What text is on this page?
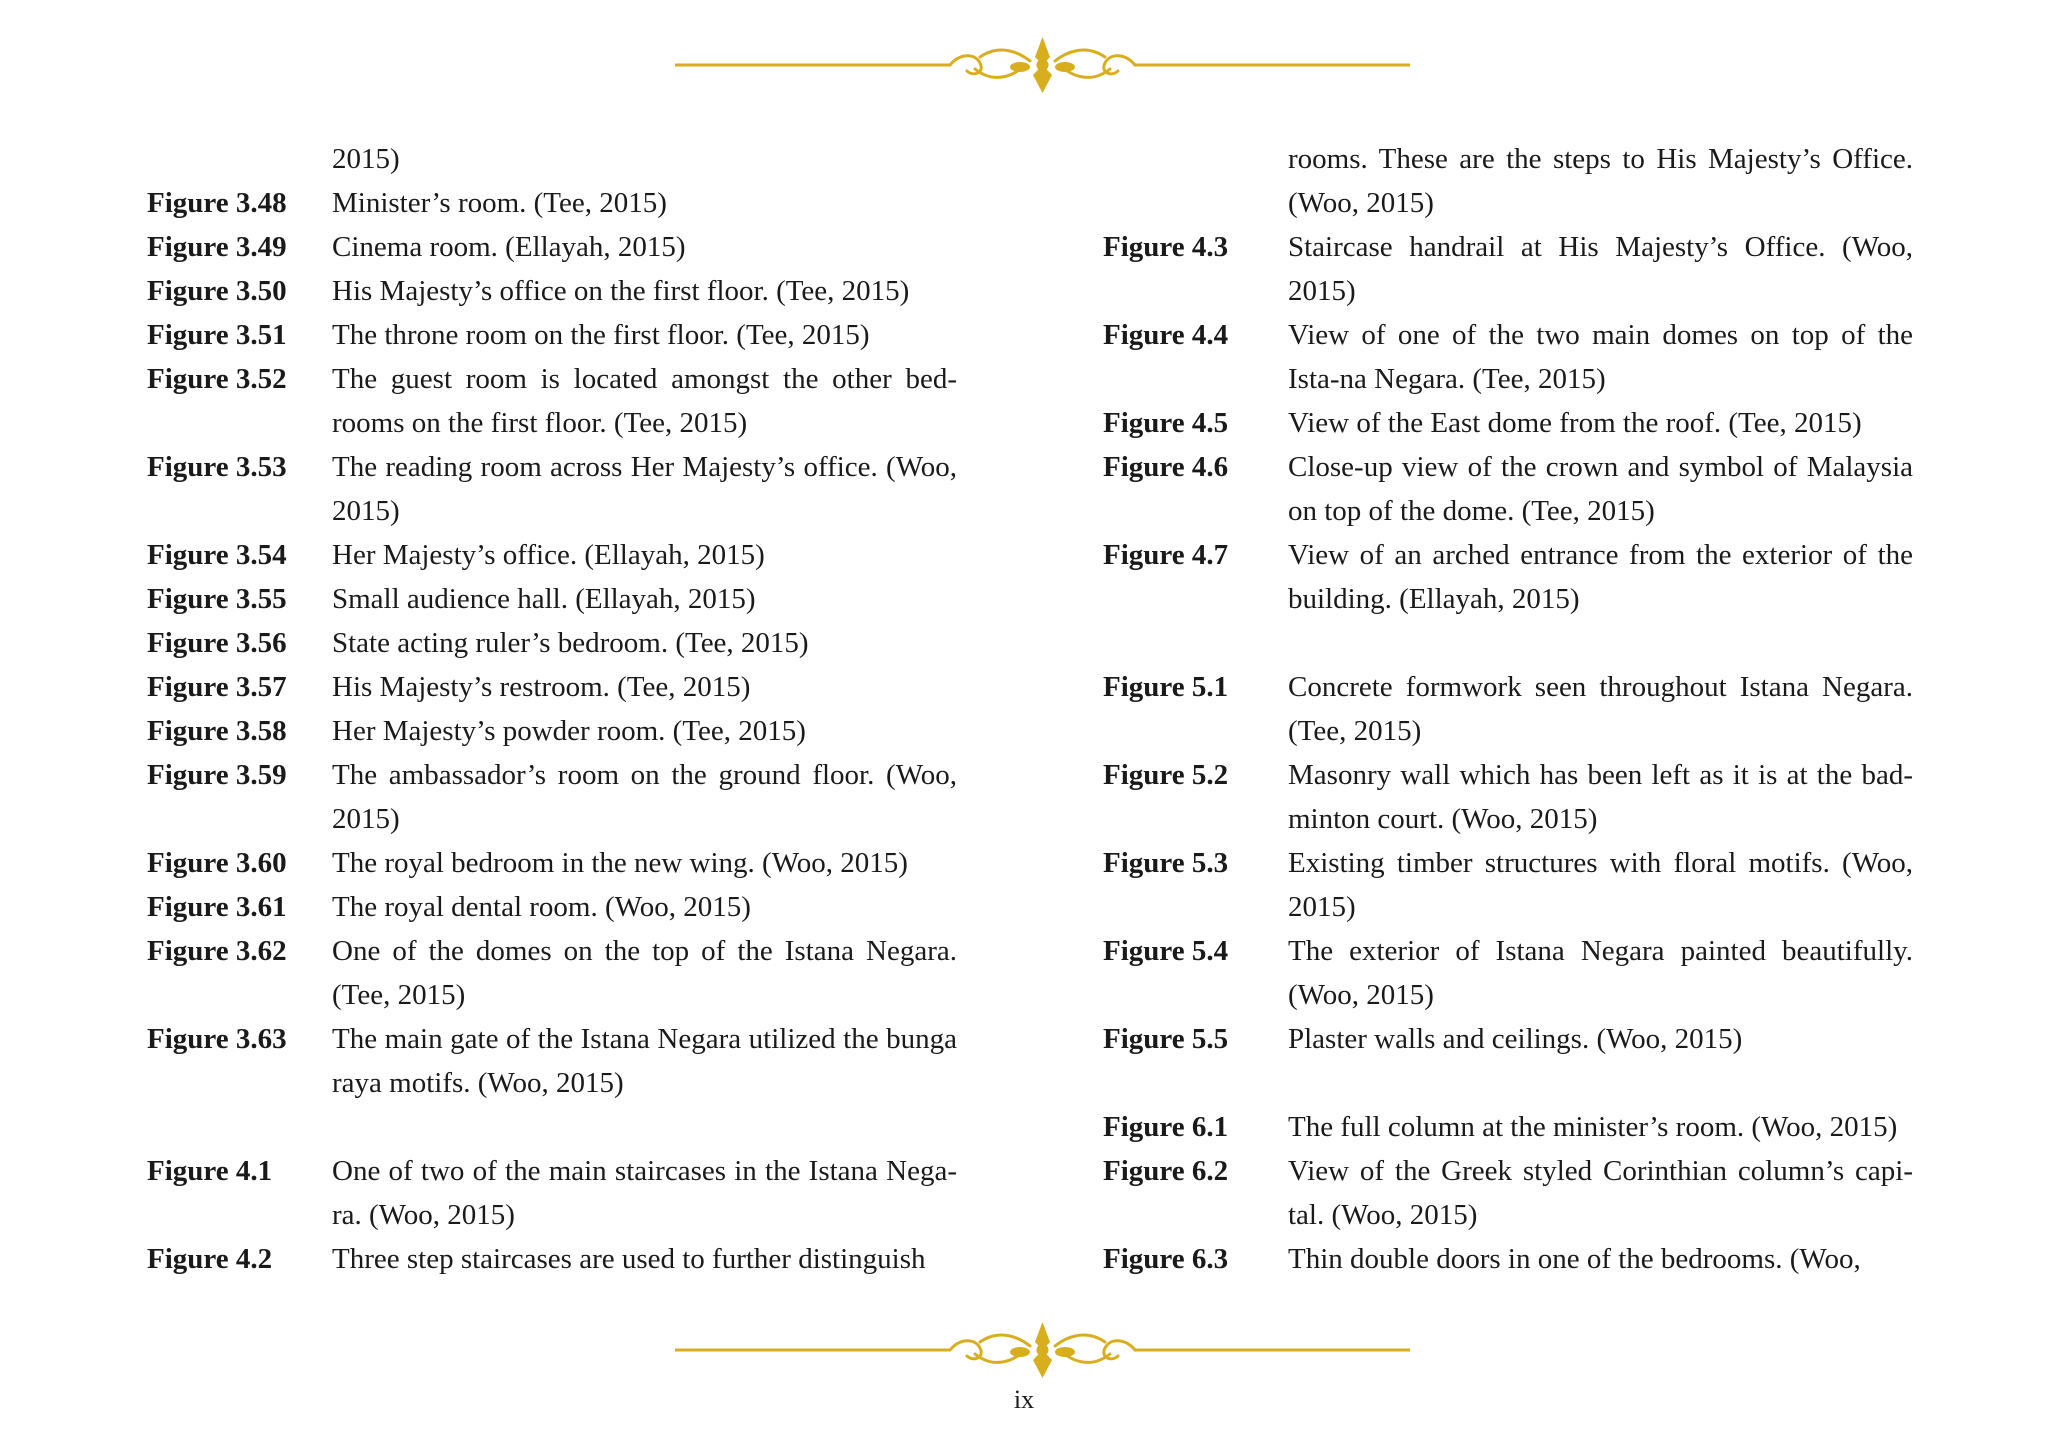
2015)
Figure 3.48	Minister’s room. (Tee, 2015)
Figure 3.49	Cinema room. (Ellayah, 2015)
Figure 3.50	His Majesty’s office on the first floor. (Tee, 2015)
Figure 3.51	The throne room on the first floor. (Tee, 2015)
Figure 3.52	The guest room is located amongst the other bed-rooms on the first floor. (Tee, 2015)
Figure 3.53	The reading room across Her Majesty’s office. (Woo, 2015)
Figure 3.54	Her Majesty’s office. (Ellayah, 2015)
Figure 3.55	Small audience hall. (Ellayah, 2015)
Figure 3.56	State acting ruler’s bedroom. (Tee, 2015)
Figure 3.57	His Majesty’s restroom. (Tee, 2015)
Figure 3.58	Her Majesty’s powder room. (Tee, 2015)
Figure 3.59	The ambassador’s room on the ground floor. (Woo, 2015)
Figure 3.60	The royal bedroom in the new wing. (Woo, 2015)
Figure 3.61	The royal dental room. (Woo, 2015)
Figure 3.62	One of the domes on the top of the Istana Negara. (Tee, 2015)
Figure 3.63	The main gate of the Istana Negara utilized the bunga raya motifs. (Woo, 2015)
Figure 4.1	One of two of the main staircases in the Istana Nega-ra. (Woo, 2015)
Figure 4.2	Three step staircases are used to further distinguish
rooms. These are the steps to His Majesty’s Office. (Woo, 2015)
Figure 4.3	Staircase handrail at His Majesty’s Office. (Woo, 2015)
Figure 4.4	View of one of the two main domes on top of the Ista-na Negara. (Tee, 2015)
Figure 4.5	View of the East dome from the roof. (Tee, 2015)
Figure 4.6	Close-up view of the crown and symbol of Malaysia on top of the dome. (Tee, 2015)
Figure 4.7	View of an arched entrance from the exterior of the building. (Ellayah, 2015)
Figure 5.1	Concrete formwork seen throughout Istana Negara. (Tee, 2015)
Figure 5.2	Masonry wall which has been left as it is at the bad-minton court. (Woo, 2015)
Figure 5.3	Existing timber structures with floral motifs. (Woo, 2015)
Figure 5.4	The exterior of Istana Negara painted beautifully. (Woo, 2015)
Figure 5.5	Plaster walls and ceilings. (Woo, 2015)
Figure 6.1	The full column at the minister’s room. (Woo, 2015)
Figure 6.2	View of the Greek styled Corinthian column’s capi-tal. (Woo, 2015)
Figure 6.3	Thin double doors in one of the bedrooms. (Woo,
ix
